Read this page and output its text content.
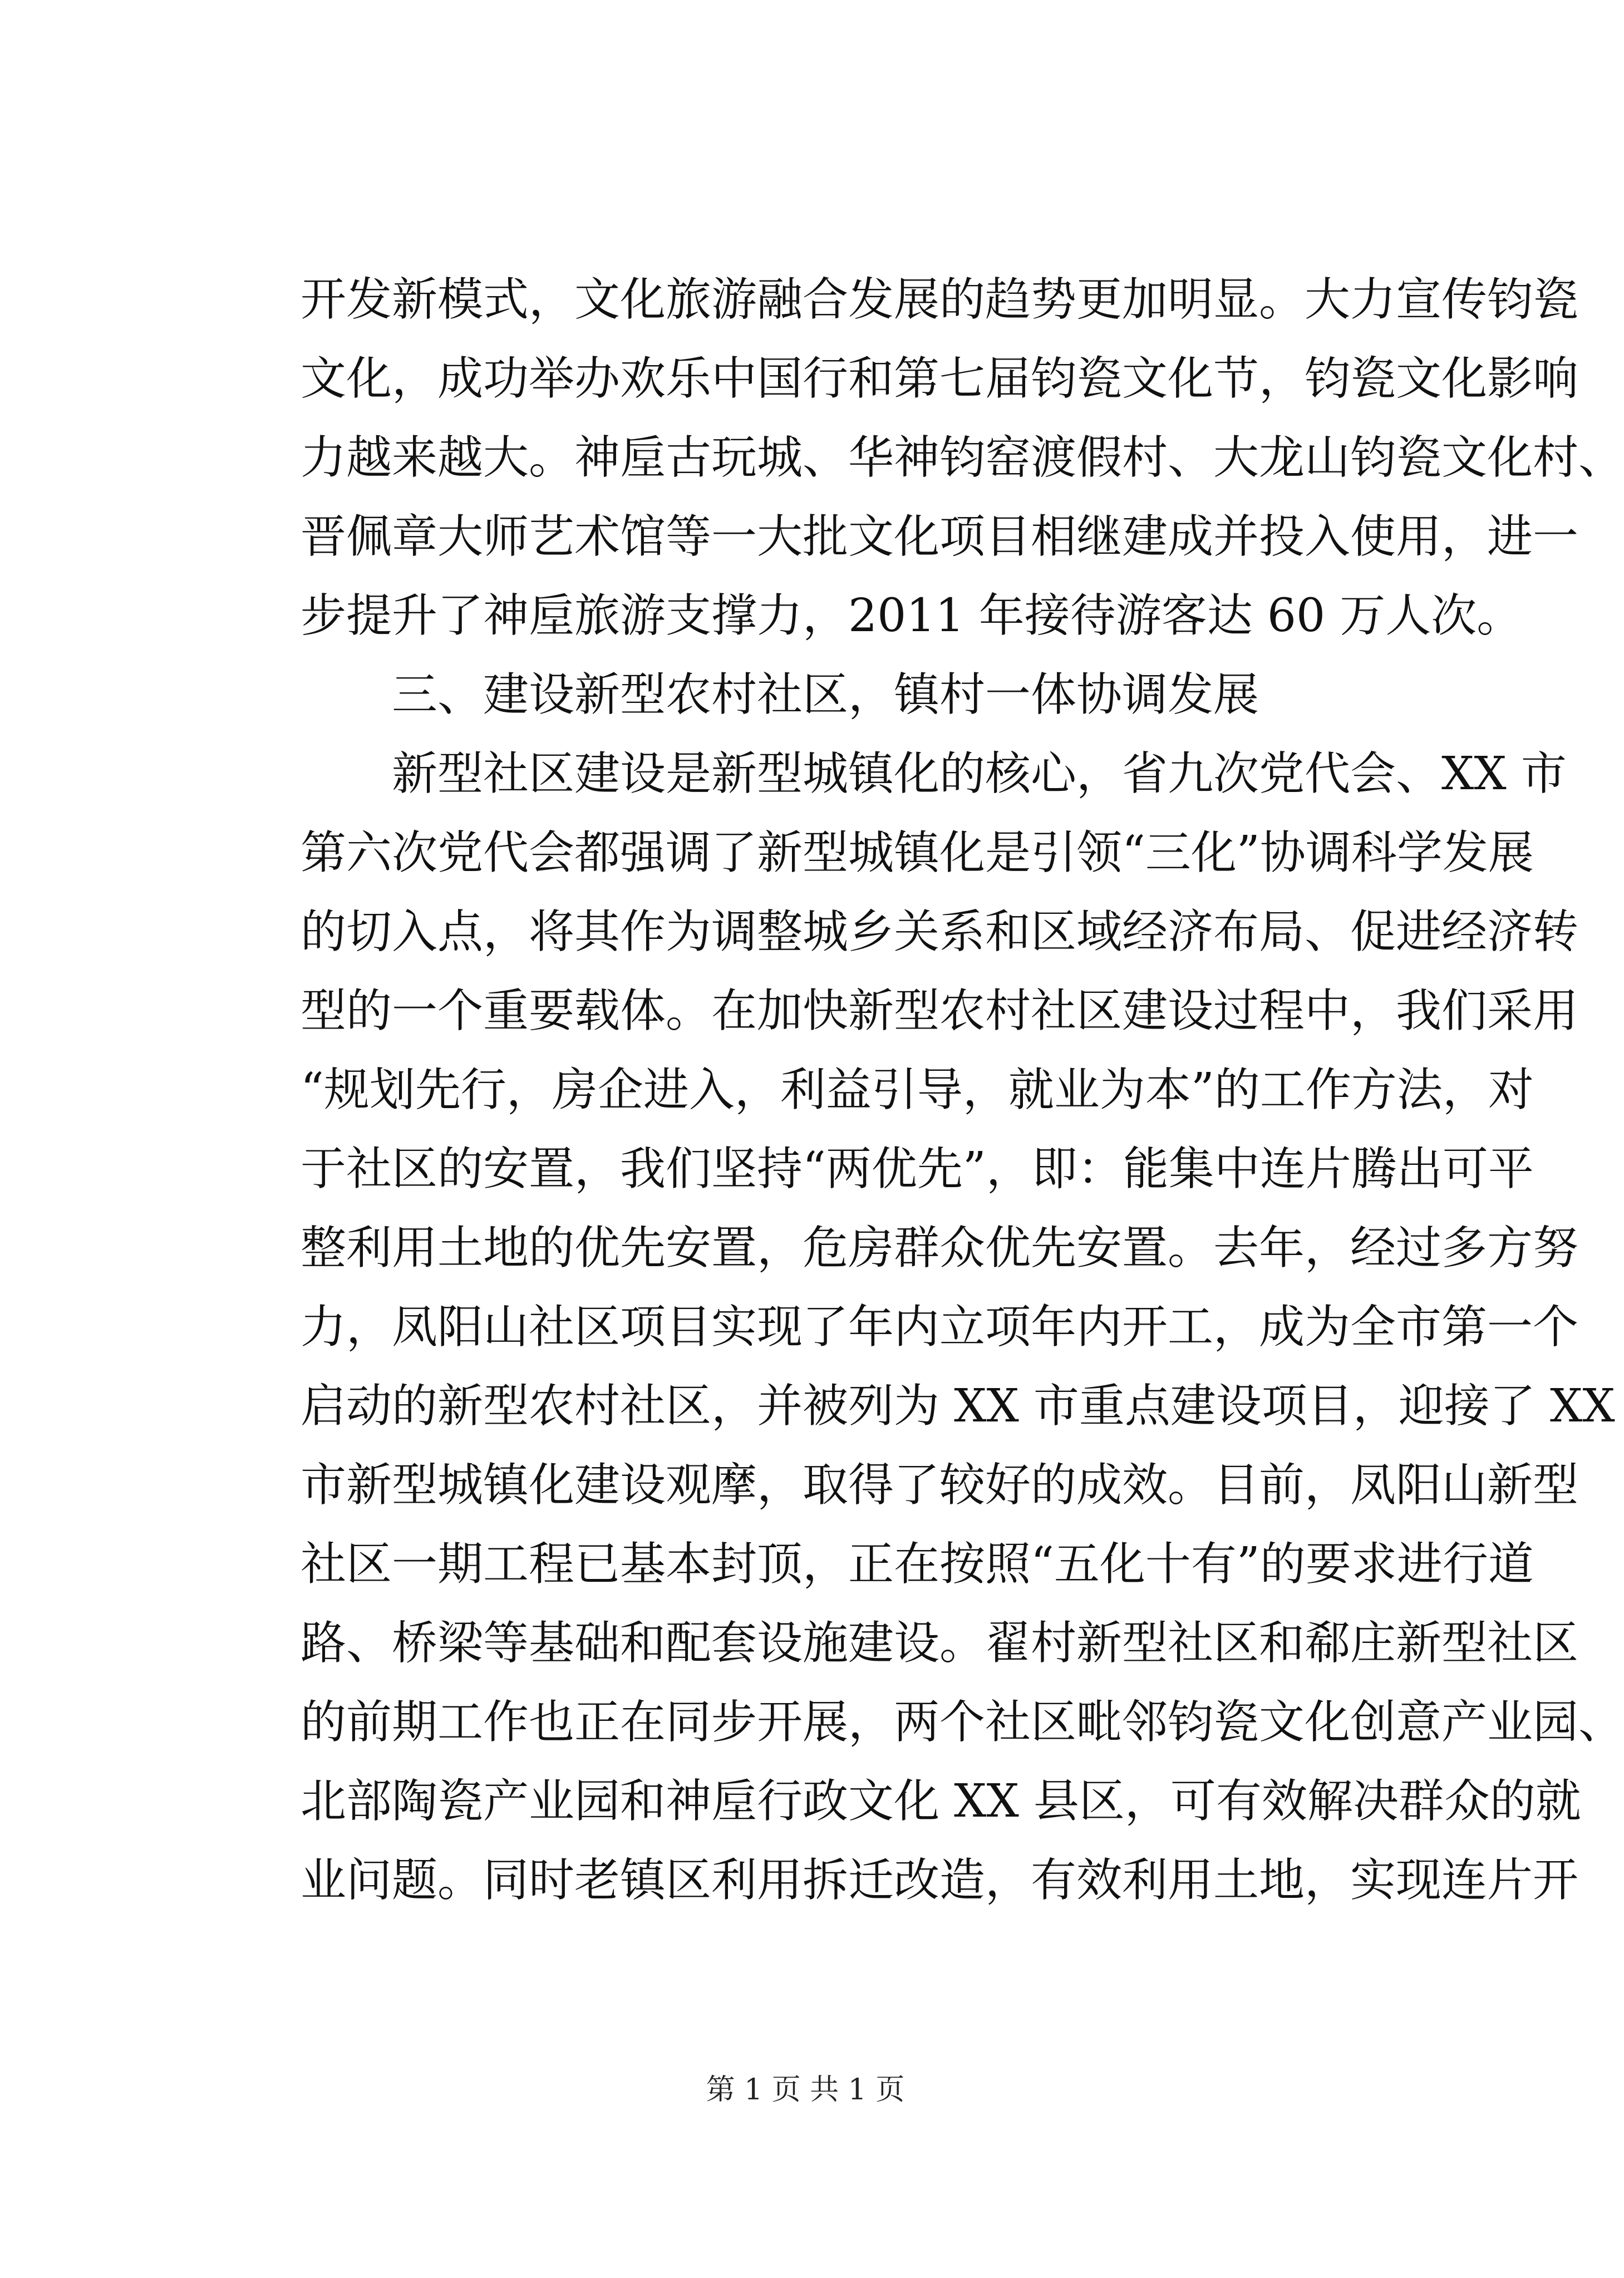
开发新模式，文化旅游融合发展的趋势更加明显。大力宣传钧瓷
文化，成功举办欢乐中国行和第七届钧瓷文化节，钧瓷文化影响
力越来越大。神垕古玩城、华神钧窑渡假村、大龙山钧瓷文化村、
晋佩章大师艺术馆等一大批文化项目相继建成并投入使用，进一
步提升了神垕旅游支撑力，2011 年接待游客达 60 万人次。
三、建设新型农村社区，镇村一体协调发展
新型社区建设是新型城镇化的核心，省九次党代会、XX 市
第六次党代会都强调了新型城镇化是引领“三化”协调科学发展
的切入点，将其作为调整城乡关系和区域经济布局、促进经济转
型的一个重要载体。在加快新型农村社区建设过程中，我们采用
“规划先行，房企进入，利益引导，就业为本”的工作方法，对
于社区的安置，我们坚持“两优先”，即：能集中连片腾出可平
整利用土地的优先安置，危房群众优先安置。去年，经过多方努
力，凤阳山社区项目实现了年内立项年内开工，成为全市第一个
启动的新型农村社区，并被列为 XX 市重点建设项目，迎接了 XX
市新型城镇化建设观摩，取得了较好的成效。目前，凤阳山新型
社区一期工程已基本封顶，正在按照“五化十有”的要求进行道
路、桥梁等基础和配套设施建设。翟村新型社区和郗庄新型社区
的前期工作也正在同步开展，两个社区毗邻钧瓷文化创意产业园、
北部陶瓷产业园和神垕行政文化 XX 县区，可有效解决群众的就
业问题。同时老镇区利用拆迁改造，有效利用土地，实现连片开
第 1 页 共 1 页
